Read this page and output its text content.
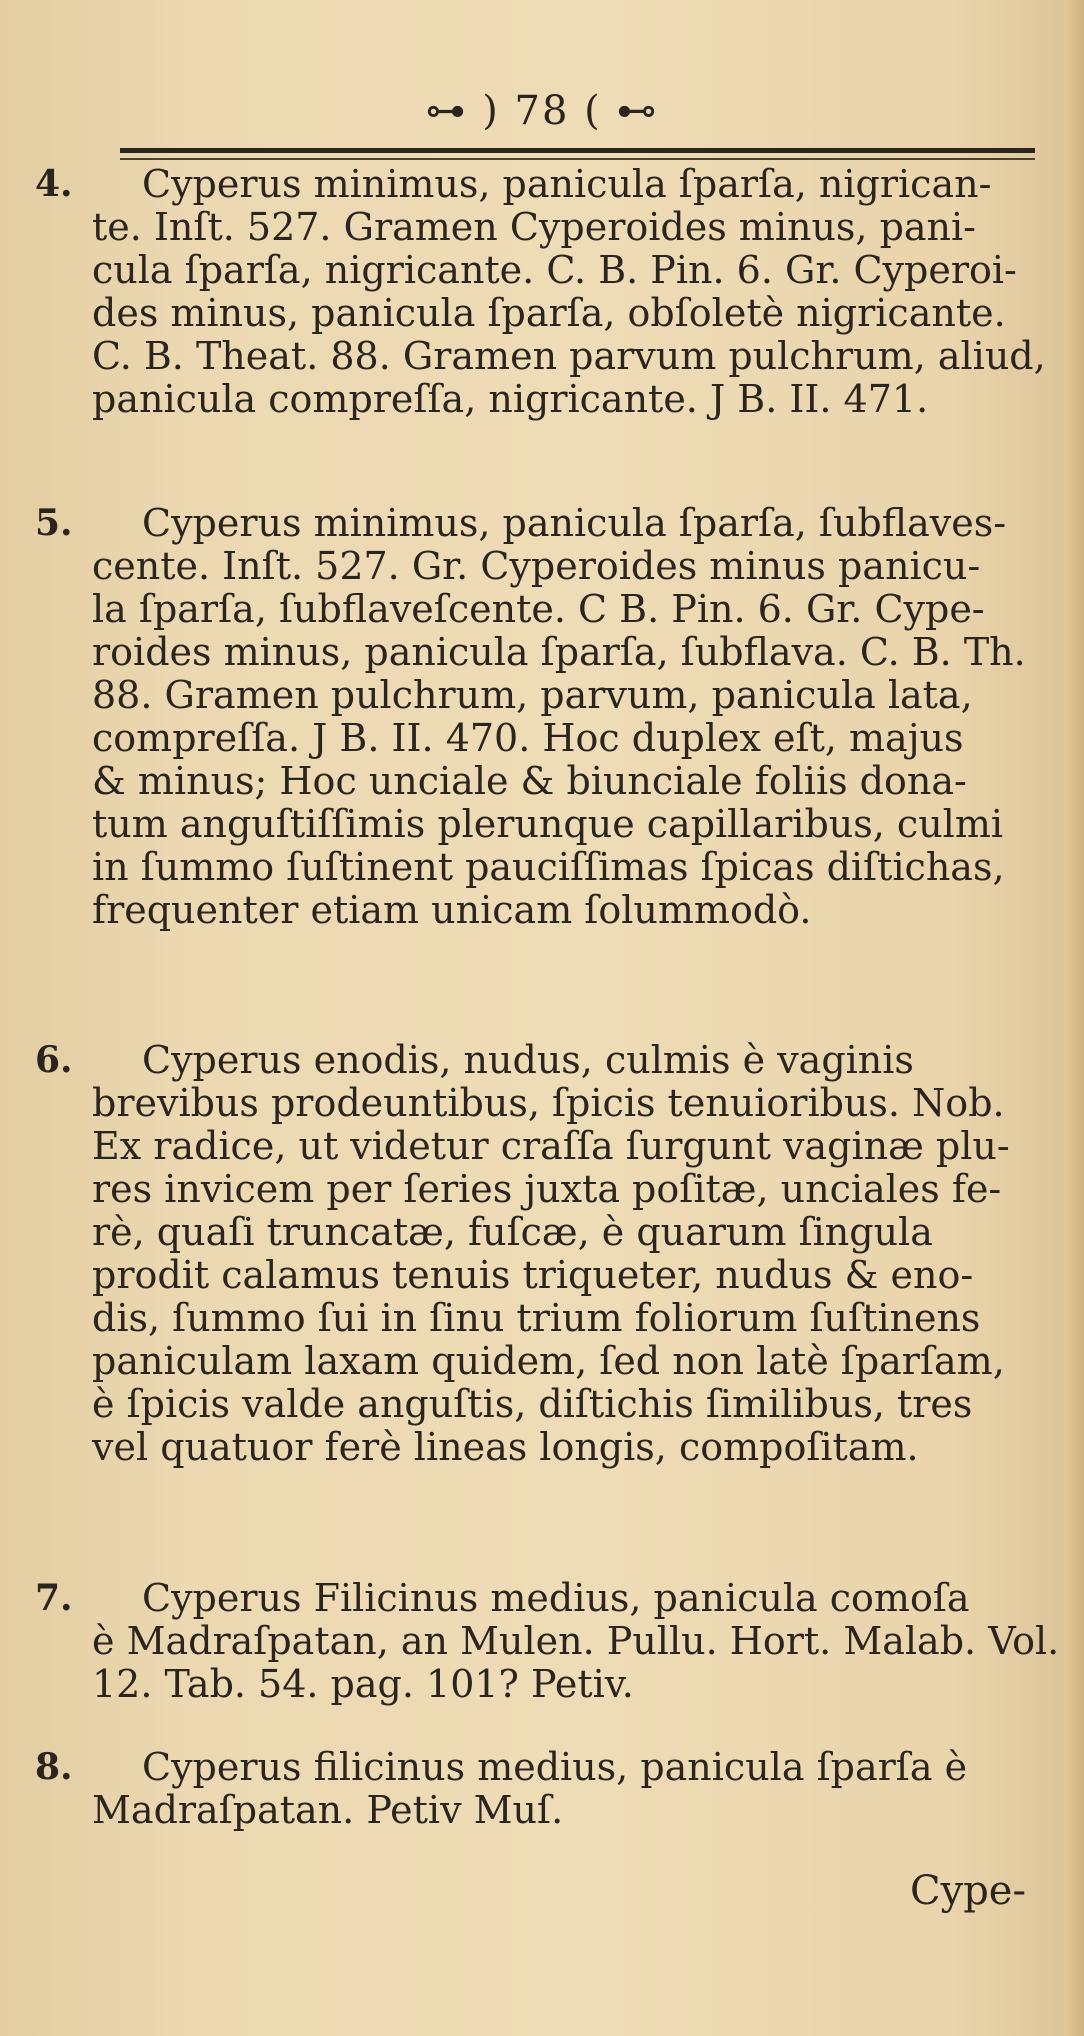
⊶ ) 78 ( ⊷
4.	Cyperus minimus, panicula ſparſa, nigrican-
te. Inſt. 527. Gramen Cyperoides minus, pani-
cula ſparſa, nigricante. C. B. Pin. 6. Gr. Cyperoi-
des minus, panicula ſparſa, obſoletè nigricante.
C. B. Theat. 88. Gramen parvum pulchrum, aliud,
panicula compreſſa, nigricante. J B. II. 471.
5.	Cyperus minimus, panicula ſparſa, ſubflaves-
cente. Inſt. 527. Gr. Cyperoides minus panicu-
la ſparſa, ſubflaveſcente. C B. Pin. 6. Gr. Cype-
roides minus, panicula ſparſa, ſubflava. C. B. Th.
88. Gramen pulchrum, parvum, panicula lata,
compreſſa. J B. II. 470. Hoc duplex eſt, majus
& minus; Hoc unciale & biunciale foliis dona-
tum anguſtiſſimis plerunque capillaribus, culmi
in ſummo ſuſtinent pauciſſimas ſpicas diſtichas,
frequenter etiam unicam ſolummodò.
6.	Cyperus enodis, nudus, culmis è vaginis
brevibus prodeuntibus, ſpicis tenuioribus. Nob.
Ex radice, ut videtur craſſa ſurgunt vaginæ plu-
res invicem per ſeries juxta poſitæ, unciales fe-
rè, quaſi truncatæ, fuſcæ, è quarum ſingula
prodit calamus tenuis triqueter, nudus & eno-
dis, ſummo ſui in ſinu trium foliorum ſuſtinens
paniculam laxam quidem, ſed non latè ſparſam,
è ſpicis valde anguſtis, diſtichis ſimilibus, tres
vel quatuor ferè lineas longis, compoſitam.
7.	Cyperus Filicinus medius, panicula comoſa
è Madraſpatan, an Mulen. Pullu. Hort. Malab. Vol.
12. Tab. 54. pag. 101? Petiv.
8.	Cyperus filicinus medius, panicula ſparſa è
Madraſpatan. Petiv Muſ.
Cype-
